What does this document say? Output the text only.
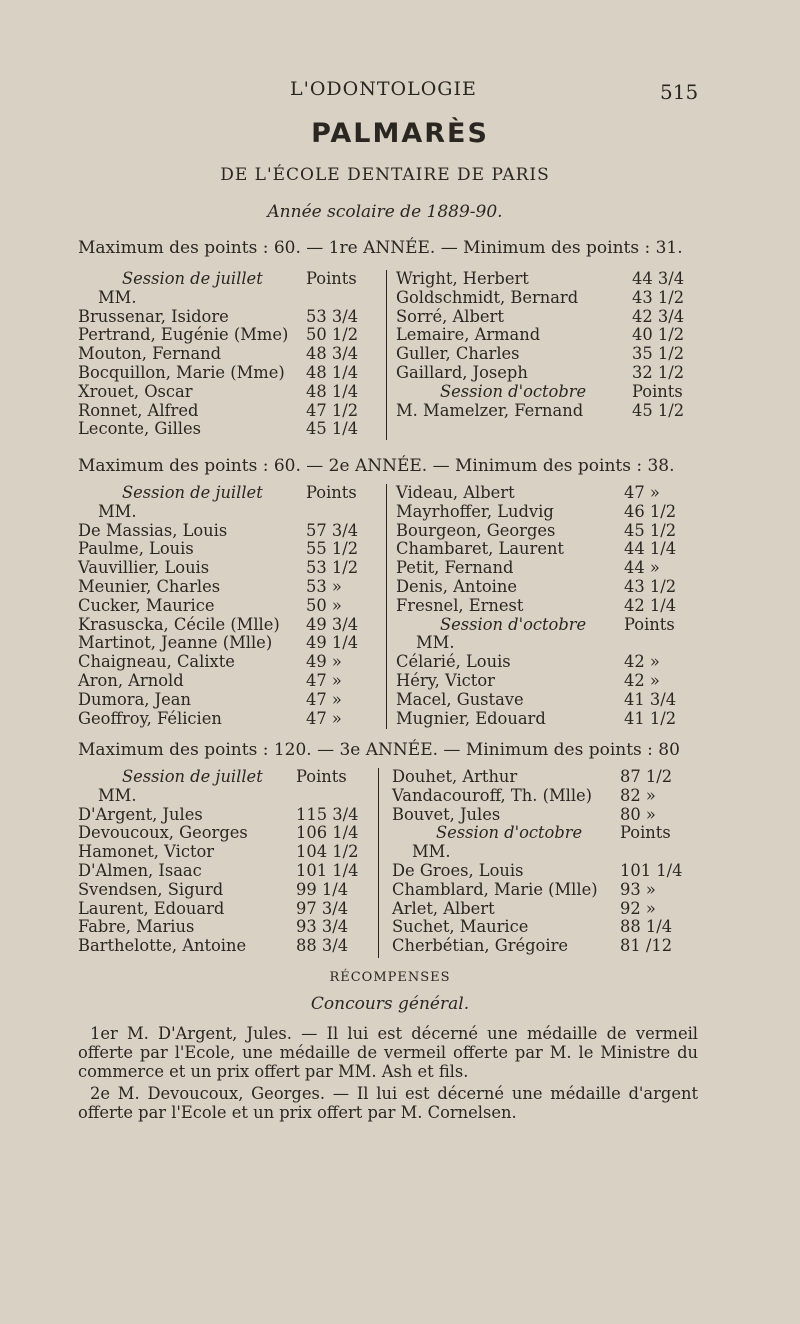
L'ODONTOLOGIE	515
PALMARÈS
DE L'ÉCOLE DENTAIRE DE PARIS
Année scolaire de 1889-90.
Maximum des points : 60. — 1re ANNÉE. — Minimum des points : 31.
Session de juillet	Points
MM.
Brussenar, Isidore	53 3/4
Pertrand, Eugénie (Mme) 50 1/2
Mouton, Fernand	48 3/4
Bocquillon, Marie (Mme) 48 1/4
Xrouet, Oscar	48 1/4
Ronnet, Alfred	47 1/2
Leconte, Gilles	45 1/4
Wright, Herbert	44 3/4
Goldschmidt, Bernard	43 1/2
Sorré, Albert	42 3/4
Lemaire, Armand	40 1/2
Guller, Charles	35 1/2
Gaillard, Joseph	32 1/2
Session d'octobre	Points
M. Mamelzer, Fernand	45 1/2
Maximum des points : 60. — 2e ANNÉE. — Minimum des points : 38.
Session de juillet	Points
MM.
De Massias, Louis	57 3/4
Paulme, Louis	55 1/2
Vauvillier, Louis	53 1/2
Meunier, Charles	53 »
Cucker, Maurice	50 »
Krasuscka, Cécile (Mlle) 49 3/4
Martinot, Jeanne (Mlle) 49 1/4
Chaigneau, Calixte	49 »
Aron, Arnold	47 »
Dumora, Jean	47 »
Geoffroy, Félicien	47 »
Videau, Albert	47 »
Mayrhoffer, Ludvig	46 1/2
Bourgeon, Georges	45 1/2
Chambaret, Laurent	44 1/4
Petit, Fernand	44 »
Denis, Antoine	43 1/2
Fresnel, Ernest	42 1/4
Session d'octobre Points
MM.
Célarié, Louis	42 »
Héry, Victor	42 »
Macel, Gustave	41 3/4
Mugnier, Edouard	41 1/2
Maximum des points : 120. — 3e ANNÉE. — Minimum des points : 80
Session de juillet Points
MM.
D'Argent, Jules	115 3/4
Devoucoux, Georges	106 1/4
Hamonet, Victor	104 1/2
D'Almen, Isaac	101 1/4
Svendsen, Sigurd	99 1/4
Laurent, Edouard	97 3/4
Fabre, Marius	93 3/4
Barthelotte, Antoine	88 3/4
Douhet, Arthur	87 1/2
Vandacouroff, Th. (Mlle) 82 »
Bouvet, Jules	80 »
Session d'octobre Points
MM.
De Groes, Louis	101 1/4
Chamblard, Marie (Mlle) 93 »
Arlet, Albert	92 »
Suchet, Maurice	88 1/4
Cherbétian, Grégoire	81 /12
RÉCOMPENSES
Concours général.
1er M. D'Argent, Jules. — Il lui est décerné une médaille de vermeil offerte par l'Ecole, une médaille de vermeil offerte par M. le Ministre du commerce et un prix offert par MM. Ash et fils.
2e M. Devoucoux, Georges. — Il lui est décerné une médaille d'argent offerte par l'Ecole et un prix offert par M. Cornelsen.
